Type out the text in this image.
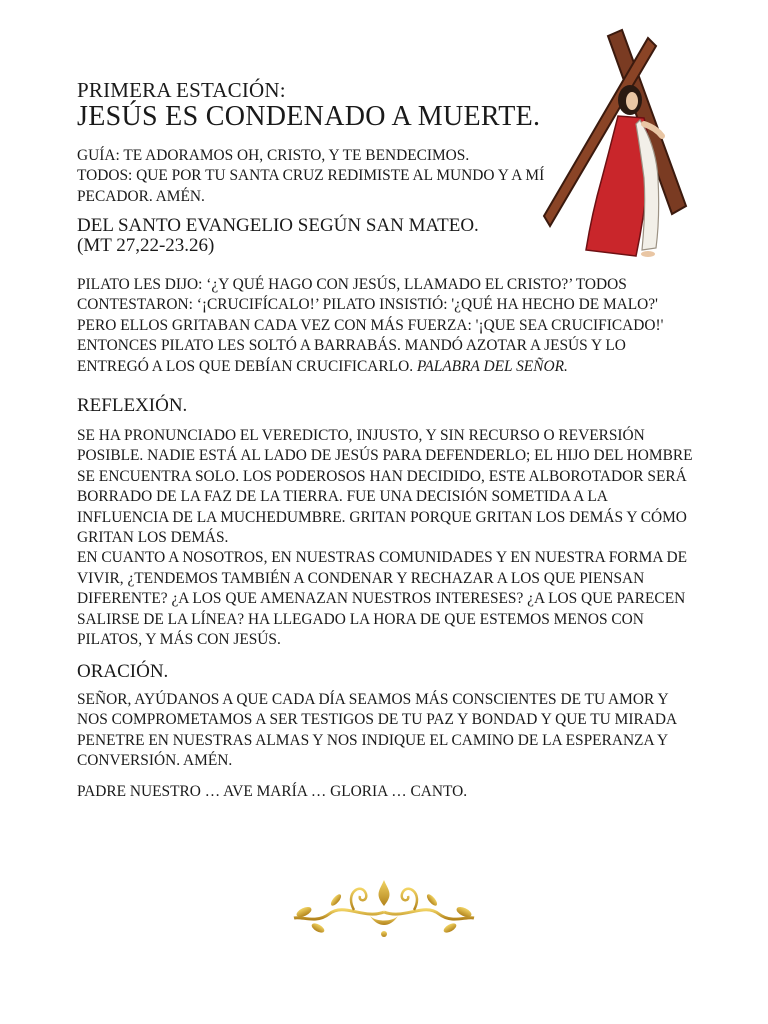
PRIMERA ESTACIÓN:
JESÚS ES CONDENADO A MUERTE.
GUÍA: TE ADORAMOS OH, CRISTO, Y TE BENDECIMOS.
TODOS: QUE POR TU SANTA CRUZ REDIMISTE AL MUNDO Y A MÍ
PECADOR. AMÉN.
DEL SANTO EVANGELIO SEGÚN SAN MATEO.
(MT 27,22-23.26)
PILATO LES DIJO: ‘¿Y QUÉ HAGO CON JESÚS, LLAMADO EL CRISTO?’ TODOS
CONTESTARON: ‘¡CRUCIFÍCALO!’ PILATO INSISTIÓ: '¿QUÉ HA HECHO DE MALO?'
PERO ELLOS GRITABAN CADA VEZ CON MÁS FUERZA: '¡QUE SEA CRUCIFICADO!'
ENTONCES PILATO LES SOLTÓ A BARRABÁS. MANDÓ AZOTAR A JESÚS Y LO
ENTREGÓ A LOS QUE DEBÍAN CRUCIFICARLO. PALABRA DEL SEÑOR.
REFLEXIÓN.
SE HA PRONUNCIADO EL VEREDICTO, INJUSTO, Y SIN RECURSO O REVERSIÓN
POSIBLE. NADIE ESTÁ AL LADO DE JESÚS PARA DEFENDERLO; EL HIJO DEL HOMBRE
SE ENCUENTRA SOLO. LOS PODEROSOS HAN DECIDIDO, ESTE ALBOROTADOR SERÁ
BORRADO DE LA FAZ DE LA TIERRA. FUE UNA DECISIÓN SOMETIDA A LA
INFLUENCIA DE LA MUCHEDUMBRE. GRITAN PORQUE GRITAN LOS DEMÁS Y CÓMO
GRITAN LOS DEMÁS.
EN CUANTO A NOSOTROS, EN NUESTRAS COMUNIDADES Y EN NUESTRA FORMA DE
VIVIR, ¿TENDEMOS TAMBIÉN A CONDENAR Y RECHAZAR A LOS QUE PIENSAN
DIFERENTE? ¿A LOS QUE AMENAZAN NUESTROS INTERESES? ¿A LOS QUE PARECEN
SALIRSE DE LA LÍNEA? HA LLEGADO LA HORA DE QUE ESTEMOS MENOS CON
PILATOS, Y MÁS CON JESÚS.
ORACIÓN.
SEÑOR, AYÚDANOS A QUE CADA DÍA SEAMOS MÁS CONSCIENTES DE TU AMOR Y
NOS COMPROMETAMOS A SER TESTIGOS DE TU PAZ Y BONDAD Y QUE TU MIRADA
PENETRE EN NUESTRAS ALMAS Y NOS INDIQUE EL CAMINO DE LA ESPERANZA Y
CONVERSIÓN. AMÉN.

PADRE NUESTRO … AVE MARÍA … GLORIA … CANTO.
